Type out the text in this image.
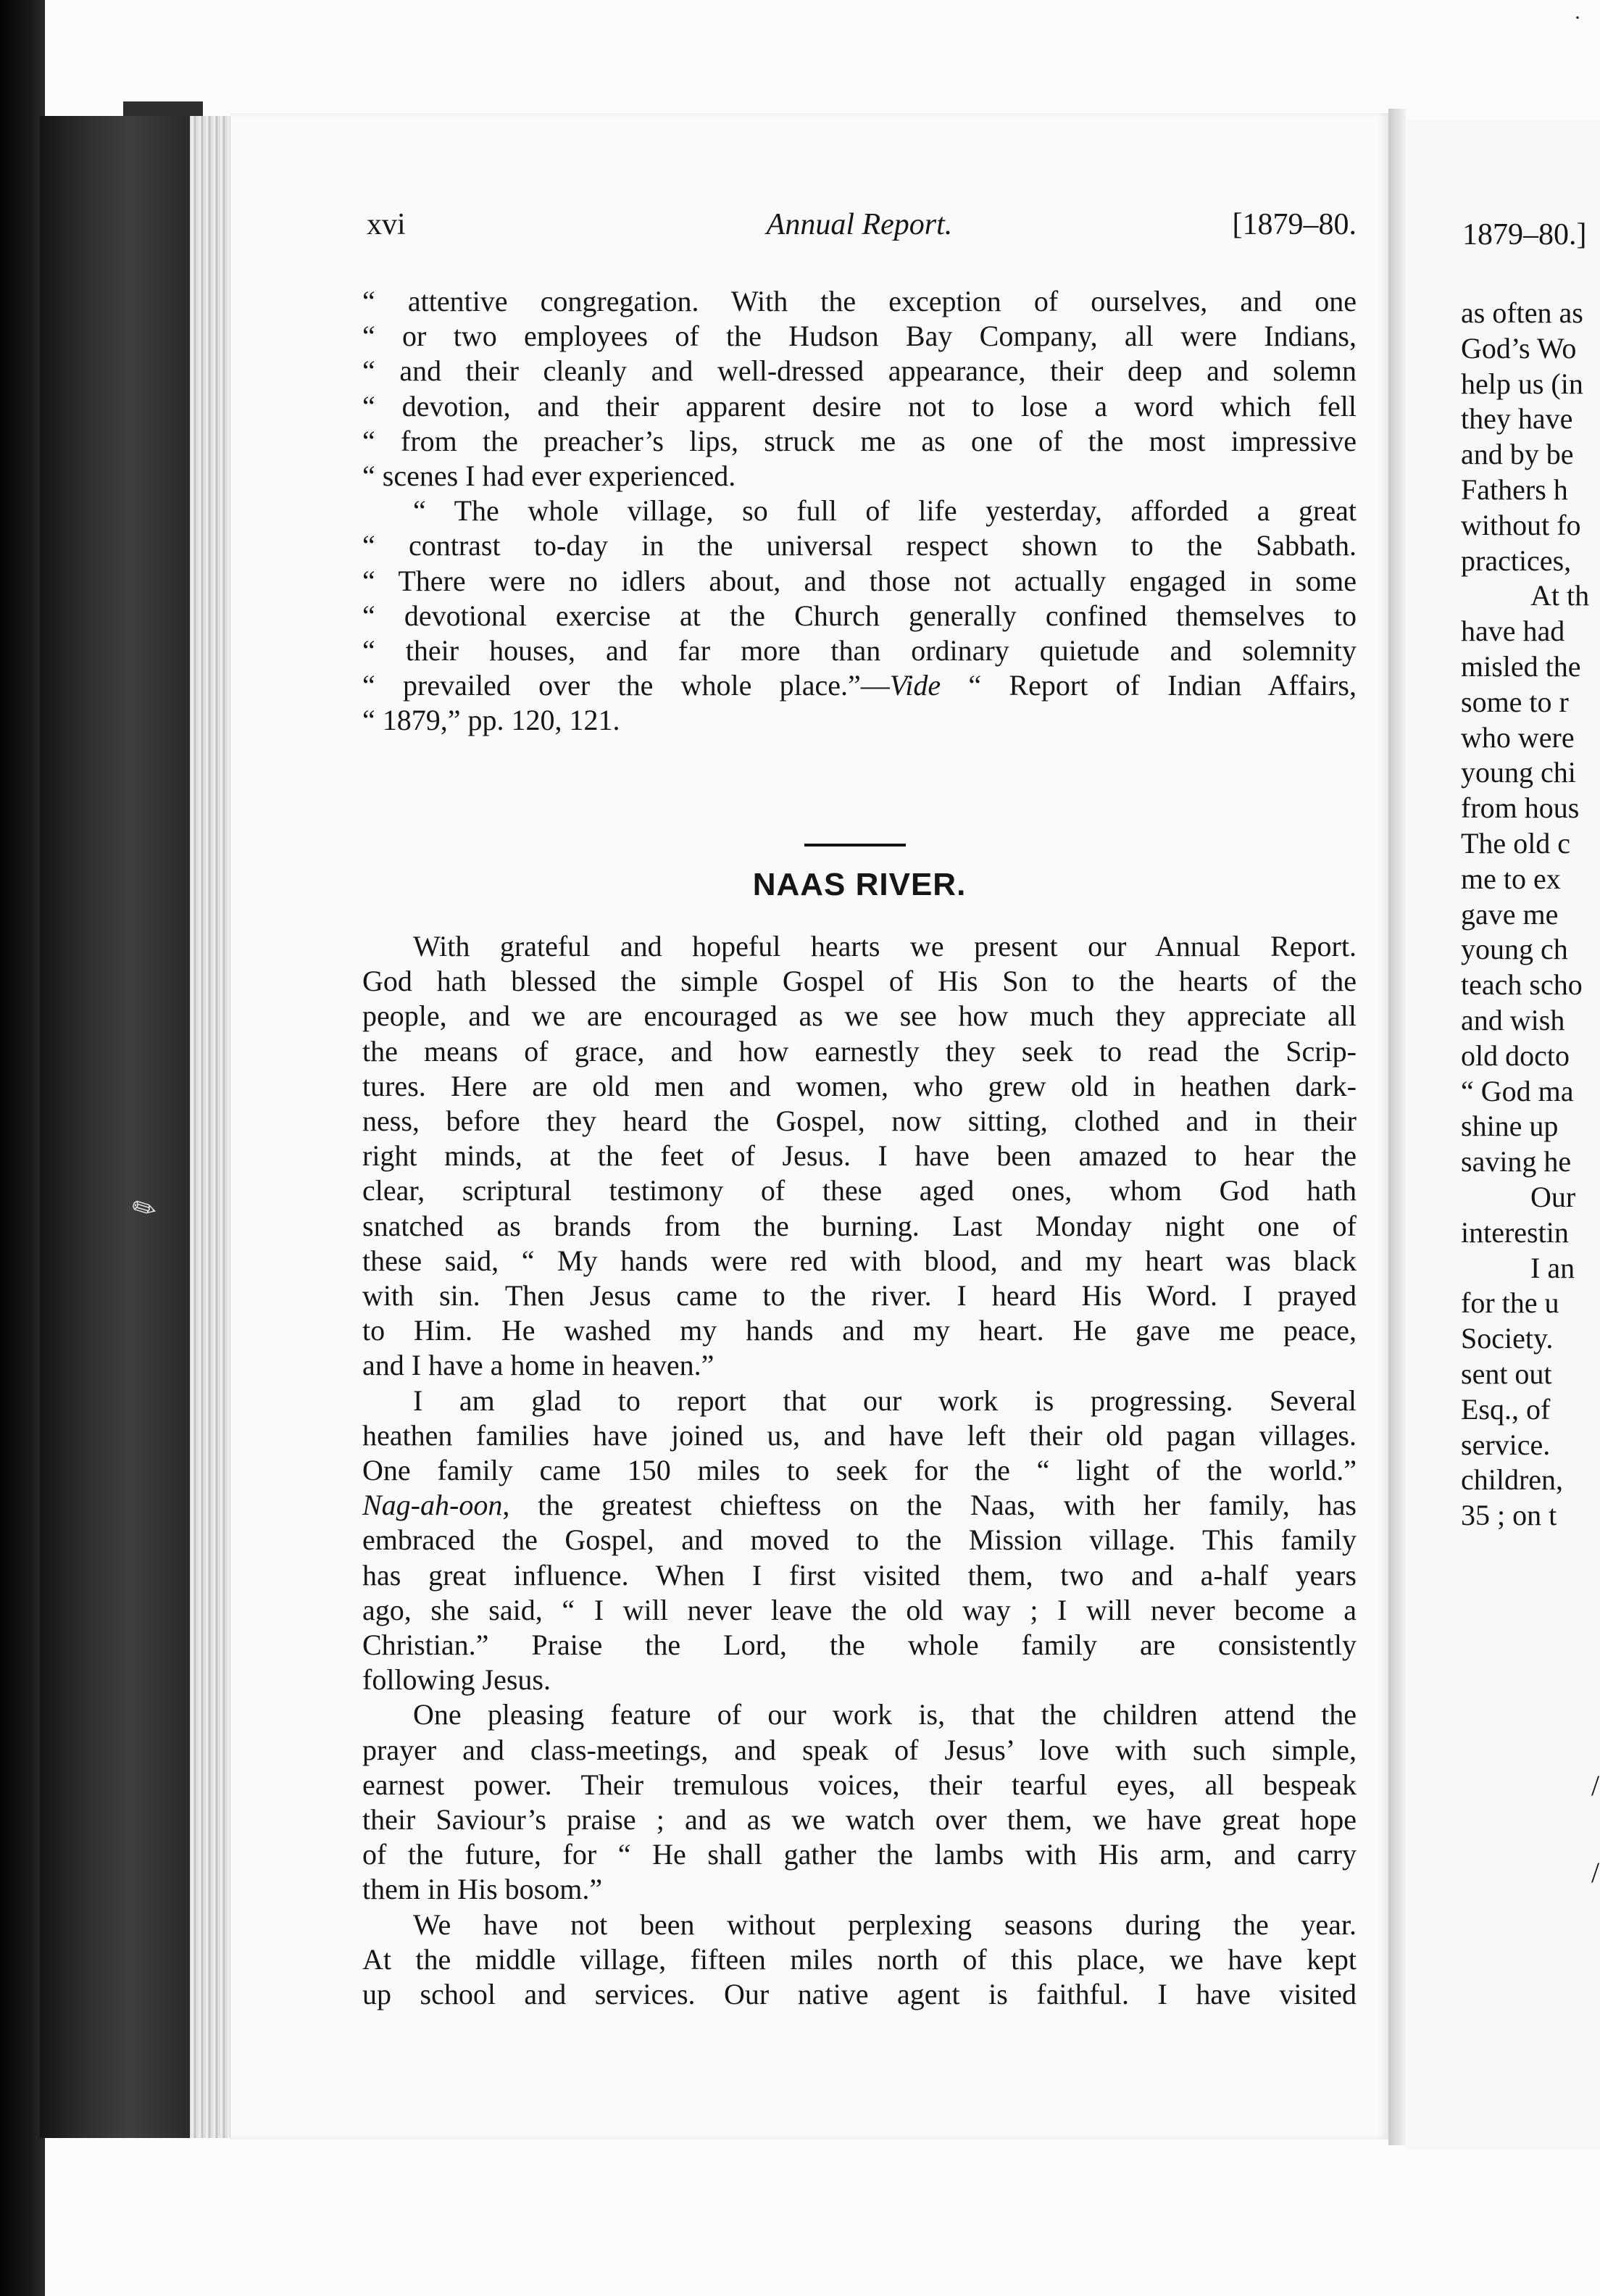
✎
·
xvi	Annual Report.	[1879–80.
“ attentive congregation. With the exception of ourselves, and one
“ or two employees of the Hudson Bay Company, all were Indians,
“ and their cleanly and well-dressed appearance, their deep and solemn
“ devotion, and their apparent desire not to lose a word which fell
“ from the preacher’s lips, struck me as one of the most impressive
“ scenes I had ever experienced.
“ The whole village, so full of life yesterday, afforded a great
“ contrast to-day in the universal respect shown to the Sabbath.
“ There were no idlers about, and those not actually engaged in some
“ devotional exercise at the Church generally confined themselves to
“ their houses, and far more than ordinary quietude and solemnity
“ prevailed over the whole place.”—Vide “ Report of Indian Affairs,
“ 1879,” pp. 120, 121.
NAAS RIVER.
With grateful and hopeful hearts we present our Annual Report.
God hath blessed the simple Gospel of His Son to the hearts of the
people, and we are encouraged as we see how much they appreciate all
the means of grace, and how earnestly they seek to read the Scrip-
tures. Here are old men and women, who grew old in heathen dark-
ness, before they heard the Gospel, now sitting, clothed and in their
right minds, at the feet of Jesus. I have been amazed to hear the
clear, scriptural testimony of these aged ones, whom God hath
snatched as brands from the burning. Last Monday night one of
these said, “ My hands were red with blood, and my heart was black
with sin. Then Jesus came to the river. I heard His Word. I prayed
to Him. He washed my hands and my heart. He gave me peace,
and I have a home in heaven.”
I am glad to report that our work is progressing. Several
heathen families have joined us, and have left their old pagan villages.
One family came 150 miles to seek for the “ light of the world.”
Nag-ah-oon, the greatest chieftess on the Naas, with her family, has
embraced the Gospel, and moved to the Mission village. This family
has great influence. When I first visited them, two and a-half years
ago, she said, “ I will never leave the old way ; I will never become a
Christian.” Praise the Lord, the whole family are consistently
following Jesus.
One pleasing feature of our work is, that the children attend the
prayer and class-meetings, and speak of Jesus’ love with such simple,
earnest power. Their tremulous voices, their tearful eyes, all bespeak
their Saviour’s praise ; and as we watch over them, we have great hope
of the future, for “ He shall gather the lambs with His arm, and carry
them in His bosom.”
We have not been without perplexing seasons during the year.
At the middle village, fifteen miles north of this place, we have kept
up school and services. Our native agent is faithful. I have visited
1879–80.]
as often as
God’s Wo
help us (in
they have
and by be
Fathers h
without fo
practices,
At th
have had
misled the
some to r
who were
young chi
from hous
The old c
me to ex
gave me
young ch
teach scho
and wish
old docto
“ God ma
shine up
saving he
Our
interestin
I an
for the u
Society.
sent out
Esq., of
service.
children,
35 ; on t
/
/
